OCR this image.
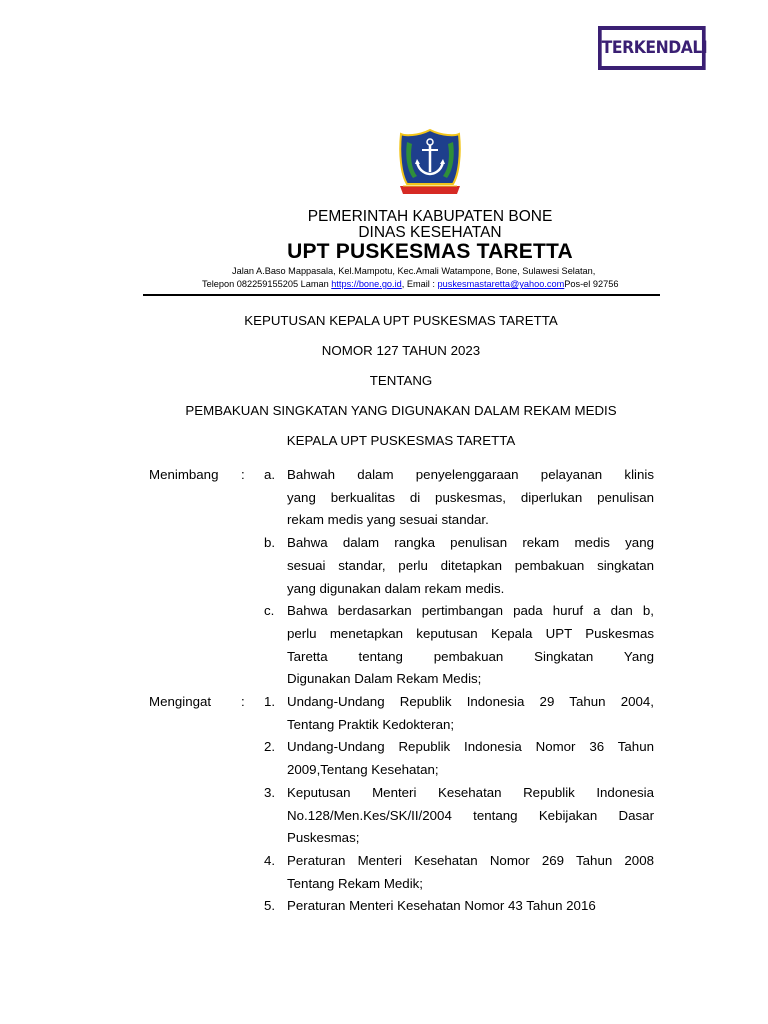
TERKENDALI
PEMERINTAH KABUPATEN BONE
DINAS KESEHATAN
UPT PUSKESMAS TARETTA
Jalan A.Baso Mappasala, Kel.Mampotu, Kec.Amali Watampone, Bone, Sulawesi Selatan,
Telepon 082259155205 Laman https://bone.go.id, Email : puskesmastaretta@yahoo.comPos-el 92756
KEPUTUSAN KEPALA UPT PUSKESMAS TARETTA
NOMOR 127 TAHUN 2023
TENTANG
PEMBAKUAN SINGKATAN YANG DIGUNAKAN DALAM REKAM MEDIS
KEPALA UPT PUSKESMAS TARETTA
Menimbang : a. Bahwah dalam penyelenggaraan pelayanan klinis
yang berkualitas di puskesmas, diperlukan penulisan
rekam medis yang sesuai standar.
b. Bahwa dalam rangka penulisan rekam medis yang
sesuai standar, perlu ditetapkan pembakuan singkatan
yang digunakan dalam rekam medis.
c. Bahwa berdasarkan pertimbangan pada huruf a dan b,
perlu menetapkan keputusan Kepala UPT Puskesmas
Taretta tentang pembakuan Singkatan Yang
Digunakan Dalam Rekam Medis;
Mengingat : 1. Undang-Undang Republik Indonesia 29 Tahun 2004,
Tentang Praktik Kedokteran;
2. Undang-Undang Republik Indonesia Nomor 36 Tahun
2009,Tentang Kesehatan;
3. Keputusan Menteri Kesehatan Republik Indonesia
No.128/Men.Kes/SK/II/2004 tentang Kebijakan Dasar
Puskesmas;
4. Peraturan Menteri Kesehatan Nomor 269 Tahun 2008
Tentang Rekam Medik;
5. Peraturan Menteri Kesehatan Nomor 43 Tahun 2016
